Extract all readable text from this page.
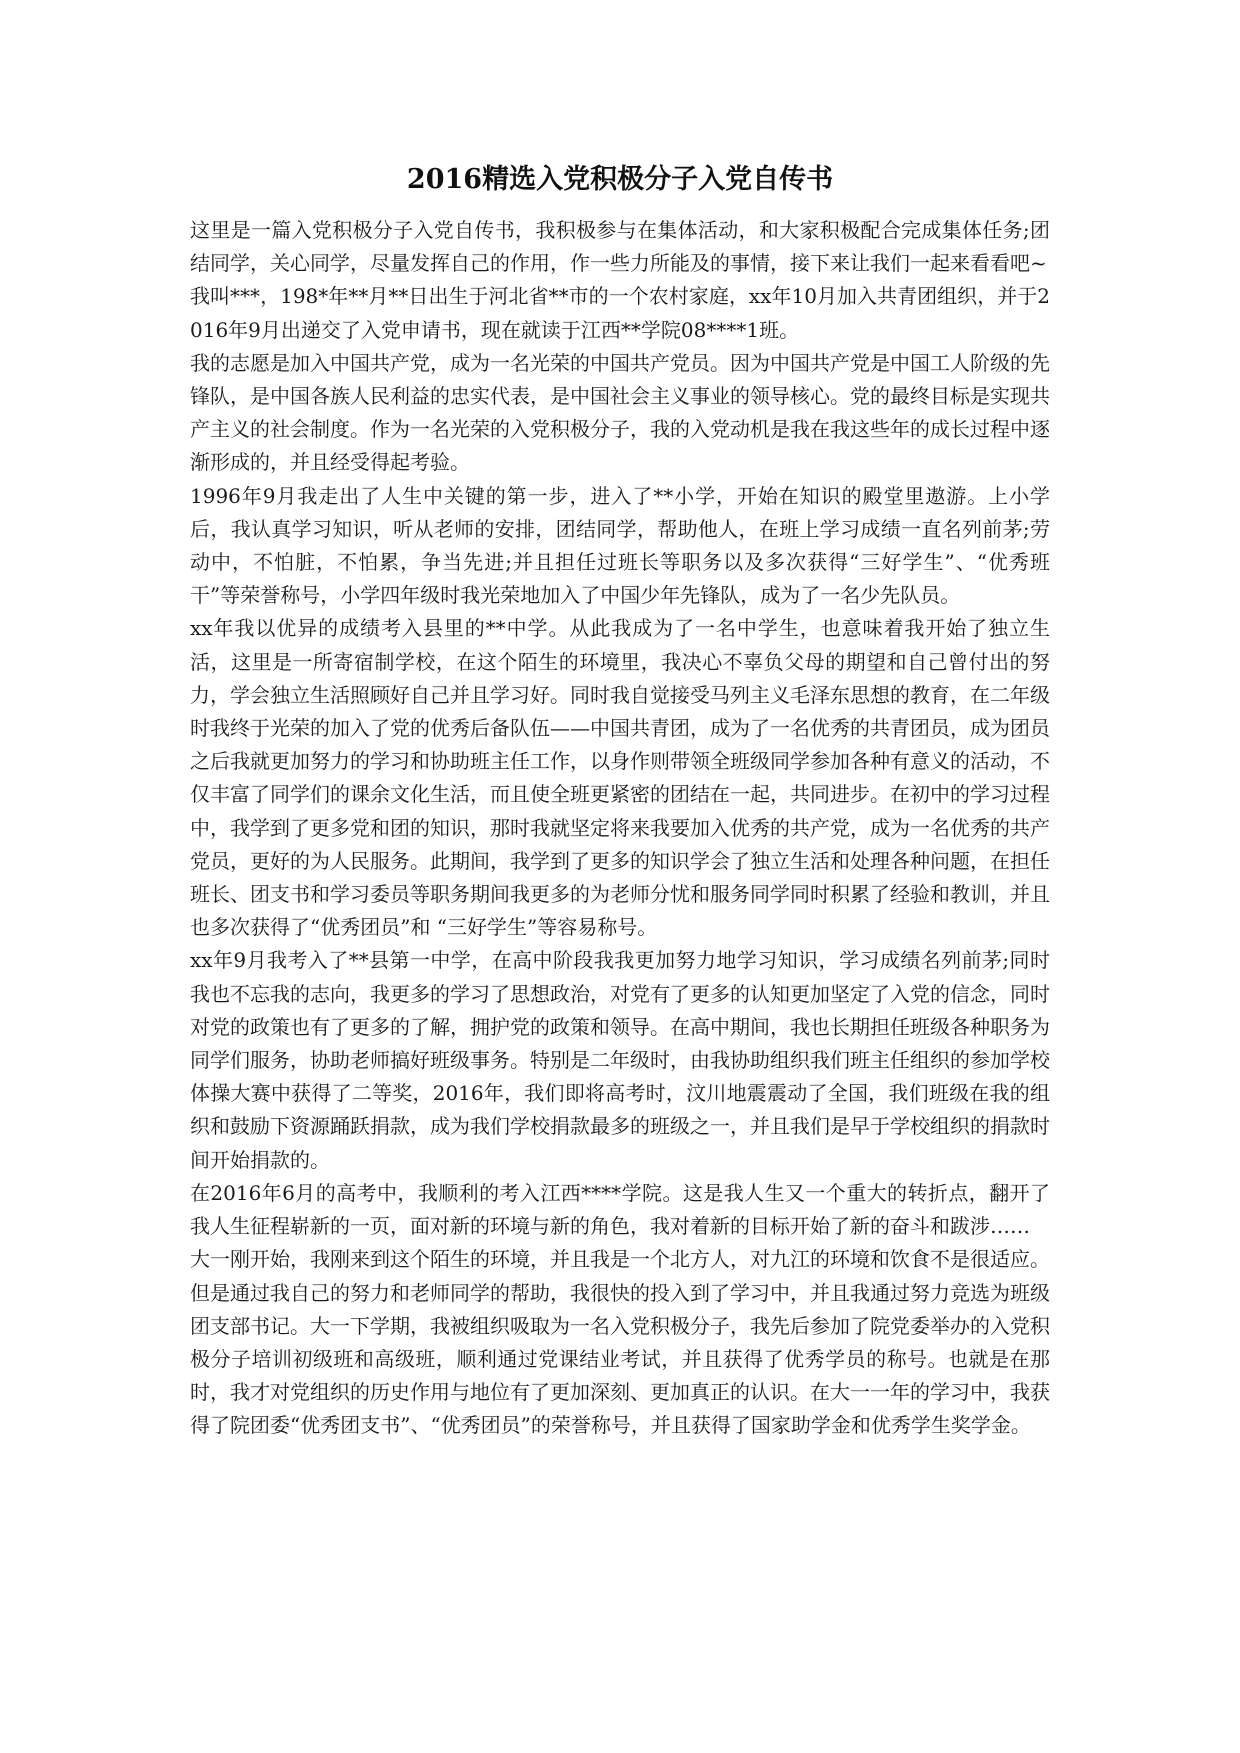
2016精选入党积极分子入党自传书

这里是一篇入党积极分子入党自传书，我积极参与在集体活动，和大家积极配合完成集体任务;团结同学，关心同学，尽量发挥自己的作用，作一些力所能及的事情，接下来让我们一起来看看吧~

我叫***，198*年**月**日出生于河北省**市的一个农村家庭，xx年10月加入共青团组织，并于2016年9月出递交了入党申请书，现在就读于江西**学院08****1班。

我的志愿是加入中国共产党，成为一名光荣的中国共产党员。因为中国共产党是中国工人阶级的先锋队，是中国各族人民利益的忠实代表，是中国社会主义事业的领导核心。党的最终目标是实现共产主义的社会制度。作为一名光荣的入党积极分子，我的入党动机是我在我这些年的成长过程中逐渐形成的，并且经受得起考验。

1996年9月我走出了人生中关键的第一步，进入了**小学，开始在知识的殿堂里遨游。上小学后，我认真学习知识，听从老师的安排，团结同学，帮助他人，在班上学习成绩一直名列前茅;劳动中，不怕脏，不怕累，争当先进;并且担任过班长等职务以及多次获得“三好学生”、“优秀班干”等荣誉称号，小学四年级时我光荣地加入了中国少年先锋队，成为了一名少先队员。

xx年我以优异的成绩考入县里的**中学。从此我成为了一名中学生，也意味着我开始了独立生活，这里是一所寄宿制学校，在这个陌生的环境里，我决心不辜负父母的期望和自己曾付出的努力，学会独立生活照顾好自己并且学习好。同时我自觉接受马列主义毛泽东思想的教育，在二年级时我终于光荣的加入了党的优秀后备队伍——中国共青团，成为了一名优秀的共青团员，成为团员之后我就更加努力的学习和协助班主任工作，以身作则带领全班级同学参加各种有意义的活动，不仅丰富了同学们的课余文化生活，而且使全班更紧密的团结在一起，共同进步。在初中的学习过程中，我学到了更多党和团的知识，那时我就坚定将来我要加入优秀的共产党，成为一名优秀的共产党员，更好的为人民服务。此期间，我学到了更多的知识学会了独立生活和处理各种问题，在担任班长、团支书和学习委员等职务期间我更多的为老师分忧和服务同学同时积累了经验和教训，并且也多次获得了“优秀团员”和 “三好学生”等容易称号。

xx年9月我考入了**县第一中学，在高中阶段我我更加努力地学习知识，学习成绩名列前茅;同时我也不忘我的志向，我更多的学习了思想政治，对党有了更多的认知更加坚定了入党的信念，同时对党的政策也有了更多的了解，拥护党的政策和领导。在高中期间，我也长期担任班级各种职务为同学们服务，协助老师搞好班级事务。特别是二年级时，由我协助组织我们班主任组织的参加学校体操大赛中获得了二等奖，2016年，我们即将高考时，汶川地震震动了全国，我们班级在我的组织和鼓励下资源踊跃捐款，成为我们学校捐款最多的班级之一，并且我们是早于学校组织的捐款时间开始捐款的。

在2016年6月的高考中，我顺利的考入江西****学院。这是我人生又一个重大的转折点，翻开了我人生征程崭新的一页，面对新的环境与新的角色，我对着新的目标开始了新的奋斗和跋涉……

大一刚开始，我刚来到这个陌生的环境，并且我是一个北方人，对九江的环境和饮食不是很适应。但是通过我自己的努力和老师同学的帮助，我很快的投入到了学习中，并且我通过努力竞选为班级团支部书记。大一下学期，我被组织吸取为一名入党积极分子，我先后参加了院党委举办的入党积极分子培训初级班和高级班，顺利通过党课结业考试，并且获得了优秀学员的称号。也就是在那时，我才对党组织的历史作用与地位有了更加深刻、更加真正的认识。在大一一年的学习中，我获得了院团委“优秀团支书”、“优秀团员”的荣誉称号，并且获得了国家助学金和优秀学生奖学金。
